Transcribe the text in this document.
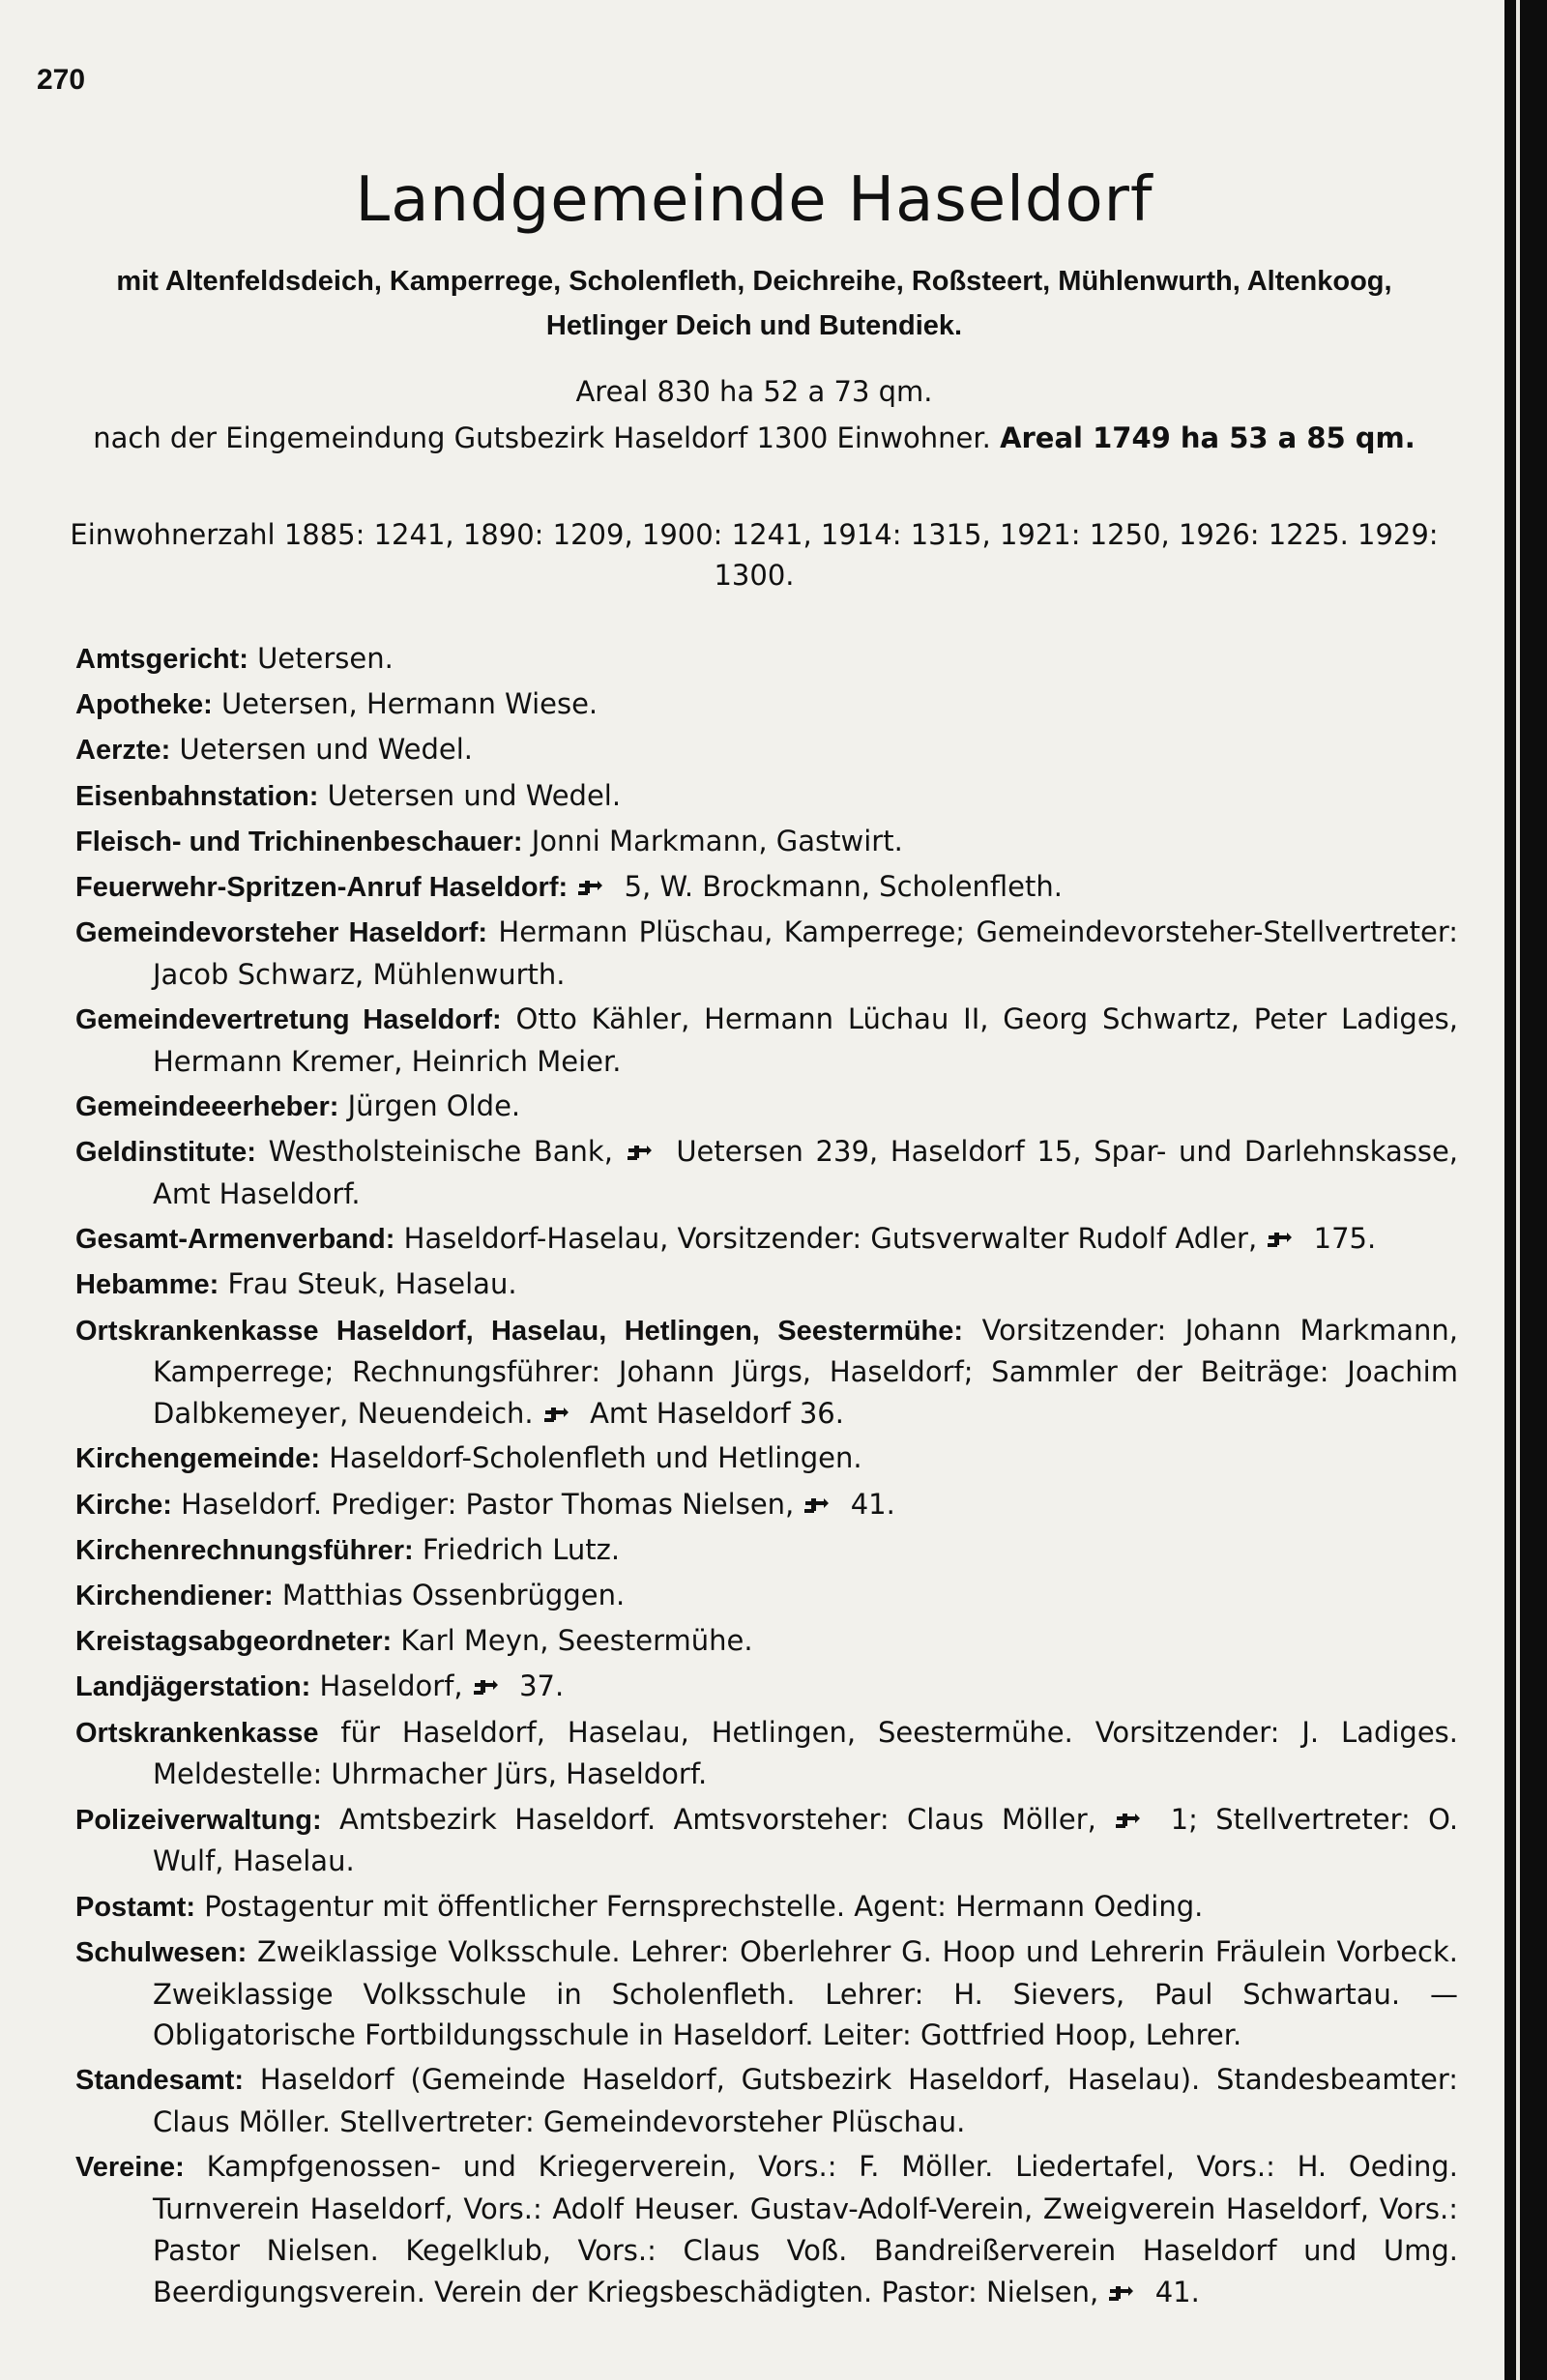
270
Landgemeinde Haseldorf
mit Altenfeldsdeich, Kamperrege, Scholenfleth, Deichreihe, Roßsteert, Mühlenwurth, Altenkoog, Hetlinger Deich und Butendiek.
Areal 830 ha 52 a 73 qm.
nach der Eingemeindung Gutsbezirk Haseldorf 1300 Einwohner. Areal 1749 ha 53 a 85 qm.
Einwohnerzahl 1885: 1241, 1890: 1209, 1900: 1241, 1914: 1315, 1921: 1250, 1926: 1225. 1929: 1300.

Amtsgericht: Uetersen.

Apotheke: Uetersen, Hermann Wiese.

Aerzte: Uetersen und Wedel.

Eisenbahnstation: Uetersen und Wedel.

Fleisch- und Trichinenbeschauer: Jonni Markmann, Gastwirt.

Feuerwehr-Spritzen-Anruf Haseldorf: 5, W. Brockmann, Scholenfleth.

Gemeindevorsteher Haseldorf: Hermann Plüschau, Kamperrege; Gemeindevorsteher-Stellvertreter: Jacob Schwarz, Mühlenwurth.

Gemeindevertretung Haseldorf: Otto Kähler, Hermann Lüchau II, Georg Schwartz, Peter Ladiges, Hermann Kremer, Heinrich Meier.

Gemeindeeerheber: Jürgen Olde.

Geldinstitute: Westholsteinische Bank, Uetersen 239, Haseldorf 15, Spar- und Darlehnskasse, Amt Haseldorf.

Gesamt-Armenverband: Haseldorf-Haselau, Vorsitzender: Gutsverwalter Rudolf Adler, 175.

Hebamme: Frau Steuk, Haselau.

Ortskrankenkasse Haseldorf, Haselau, Hetlingen, Seestermühe: Vorsitzender: Johann Markmann, Kamperrege; Rechnungsführer: Johann Jürgs, Haseldorf; Sammler der Beiträge: Joachim Dalbkemeyer, Neuendeich. Amt Haseldorf 36.

Kirchengemeinde: Haseldorf-Scholenfleth und Hetlingen.

Kirche: Haseldorf. Prediger: Pastor Thomas Nielsen, 41.

Kirchenrechnungsführer: Friedrich Lutz.

Kirchendiener: Matthias Ossenbrüggen.

Kreistagsabgeordneter: Karl Meyn, Seestermühe.

Landjägerstation: Haseldorf, 37.

Ortskrankenkasse für Haseldorf, Haselau, Hetlingen, Seestermühe. Vorsitzender: J. Ladiges. Meldestelle: Uhrmacher Jürs, Haseldorf.

Polizeiverwaltung: Amtsbezirk Haseldorf. Amtsvorsteher: Claus Möller,	1; Stellvertreter: O. Wulf, Haselau.

Postamt: Postagentur mit öffentlicher Fernsprechstelle. Agent: Hermann Oeding.

Schulwesen: Zweiklassige Volksschule. Lehrer: Oberlehrer G. Hoop und Lehrerin Fräulein Vorbeck. Zweiklassige Volksschule in Scholenfleth. Lehrer: H. Sievers, Paul Schwartau. — Obligatorische Fortbildungsschule in Haseldorf. Leiter: Gottfried Hoop, Lehrer.

Standesamt: Haseldorf (Gemeinde Haseldorf, Gutsbezirk Haseldorf, Haselau). Standesbeamter: Claus Möller. Stellvertreter: Gemeindevorsteher Plüschau.

Vereine: Kampfgenossen- und Kriegerverein, Vors.: F. Möller. Liedertafel, Vors.: H. Oeding. Turnverein Haseldorf, Vors.: Adolf Heuser. Gustav-Adolf-Verein, Zweigverein Haseldorf, Vors.: Pastor Nielsen. Kegelklub, Vors.: Claus Voß. Bandreißerverein Haseldorf und Umg. Beerdigungsverein. Verein der Kriegsbeschädigten. Pastor: Nielsen, 41.
